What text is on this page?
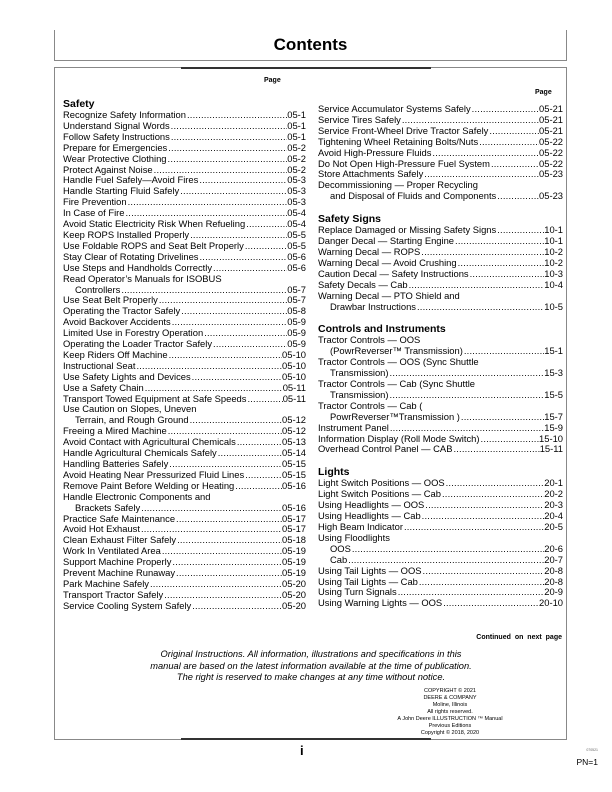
Contents
Page
Page
Safety
Recognize Safety Information .....	05-1
Understand Signal Words .....	05-1
Follow Safety Instructions .....	05-1
Prepare for Emergencies .....	05-2
Wear Protective Clothing .....	05-2
Protect Against Noise .....	05-2
Handle Fuel Safely—Avoid Fires .....	05-3
Handle Starting Fluid Safely .....	05-3
Fire Prevention .....	05-3
In Case of Fire .....	05-4
Avoid Static Electricity Risk When Refueling .....	05-4
Keep ROPS Installed Properly .....	05-5
Use Foldable ROPS and Seat Belt Properly .....	05-5
Stay Clear of Rotating Drivelines .....	05-6
Use Steps and Handholds Correctly .....	05-6
Read Operator’s Manuals for ISOBUS
Controllers .....	05-7
Use Seat Belt Properly .....	05-7
Operating the Tractor Safely .....	05-8
Avoid Backover Accidents .....	05-9
Limited Use in Forestry Operation .....	05-9
Operating the Loader Tractor Safely .....	05-9
Keep Riders Off Machine .....	05-10
Instructional Seat .....	05-10
Use Safety Lights and Devices .....	05-10
Use a Safety Chain .....	05-11
Transport Towed Equipment at Safe Speeds .....	05-11
Use Caution on Slopes, Uneven
Terrain, and Rough Ground .....	05-12
Freeing a Mired Machine .....	05-12
Avoid Contact with Agricultural Chemicals .....	05-13
Handle Agricultural Chemicals Safely .....	05-14
Handling Batteries Safely .....	05-15
Avoid Heating Near Pressurized Fluid Lines .....	05-15
Remove Paint Before Welding or Heating .....	05-16
Handle Electronic Components and
Brackets Safely .....	05-16
Practice Safe Maintenance .....	05-17
Avoid Hot Exhaust .....	05-17
Clean Exhaust Filter Safely .....	05-18
Work In Ventilated Area .....	05-19
Support Machine Properly .....	05-19
Prevent Machine Runaway .....	05-19
Park Machine Safely .....	05-20
Transport Tractor Safely .....	05-20
Service Cooling System Safely .....	05-20
Service Accumulator Systems Safely .....	05-21
Service Tires Safely .....	05-21
Service Front-Wheel Drive Tractor Safely .....	05-21
Tightening Wheel Retaining Bolts/Nuts .....	05-22
Avoid High-Pressure Fluids .....	05-22
Do Not Open High-Pressure Fuel System .....	05-22
Store Attachments Safely .....	05-23
Decommissioning — Proper Recycling
and Disposal of Fluids and Components .....	05-23
Safety Signs
Replace Damaged or Missing Safety Signs .....	10-1
Danger Decal — Starting Engine .....	10-1
Warning Decal — ROPS .....	10-2
Warning Decal — Avoid Crushing .....	10-2
Caution Decal — Safety Instructions .....	10-3
Safety Decals — Cab .....	10-4
Warning Decal — PTO Shield and
Drawbar Instructions .....	10-5
Controls and Instruments
Tractor Controls — OOS
(PowrReverser™ Transmission) .....	15-1
Tractor Controls — OOS (Sync Shuttle
Transmission) .....	15-3
Tractor Controls — Cab (Sync Shuttle
Transmission) .....	15-5
Tractor Controls — Cab (
PowrReverser™Transmission ) .....	15-7
Instrument Panel .....	15-9
Information Display (Roll Mode Switch) .....	15-10
Overhead Control Panel — CAB .....	15-11
Lights
Light Switch Positions — OOS .....	20-1
Light Switch Positions — Cab .....	20-2
Using Headlights — OOS .....	20-3
Using Headlights — Cab .....	20-4
High Beam Indicator .....	20-5
Using Floodlights
OOS .....	20-6
Cab .....	20-7
Using Tail Lights — OOS .....	20-8
Using Tail Lights — Cab .....	20-8
Using Turn Signals .....	20-9
Using Warning Lights — OOS .....	20-10
Continued on next page
Original Instructions. All information, illustrations and specifications in this
manual are based on the latest information available at the time of publication.
The right is reserved to make changes at any time without notice.
COPYRIGHT © 2021
DEERE & COMPANY
Moline, Illinois
All rights reserved.
A John Deere ILLUSTRUCTION ™ Manual
Previous Editions
Copyright © 2018, 2020
i	070521
PN=1
